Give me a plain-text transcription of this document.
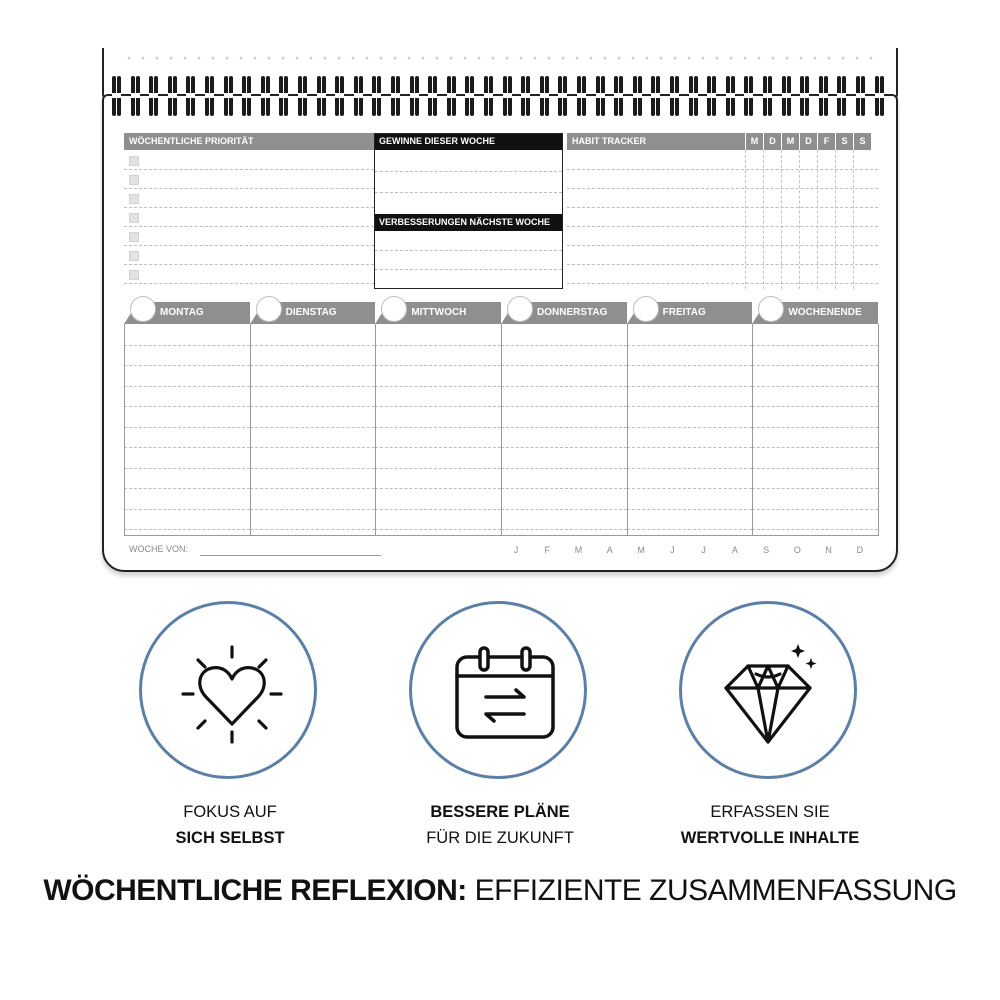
WÖCHENTLICHE PRIORITÄT	GEWINNE DIESER WOCHE
VERBESSERUNGEN NÄCHSTE WOCHE
HABIT TRACKER	M	D	M	D	F	S	S
MONTAG	DIENSTAG	MITTWOCH	DONNERSTAG	FREITAG	WOCHENENDE
WOCHE VON:	J	F	M	A	M	J	J	A	S	O	N	D
FOKUS AUF
SICH SELBST
BESSERE PLÄNE
FÜR DIE ZUKUNFT
ERFASSEN SIE
WERTVOLLE INHALTE
WÖCHENTLICHE REFLEXION: EFFIZIENTE ZUSAMMENFASSUNG
